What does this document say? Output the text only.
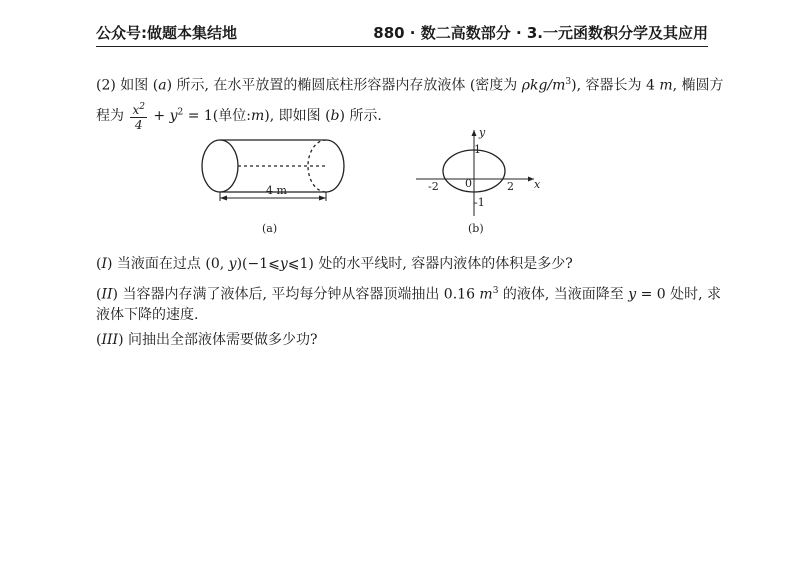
公众号:做题本集结地	880 · 数二高数部分 · 3.一元函数积分学及其应用
(2) 如图 (a) 所示, 在水平放置的椭圆底柱形容器内存放液体 (密度为 ρkg/$m^3$), 容器长为 4 m, 椭圆方
程为 $\frac{x^2}{4} + y^2 = 1$(单位:m), 即如图 (b) 所示.
4 m
(a)
y
x
1
-1
-2	2
0
(b)
(I) 当液面在过点 (0, y)(−1⩽y⩽1) 处的水平线时, 容器内液体的体积是多少?
(II) 当容器内存满了液体后, 平均每分钟从容器顶端抽出 0.16 $m^3$ 的液体, 当液面降至 y = 0 处时, 求
液体下降的速度.
(III) 问抽出全部液体需要做多少功?
